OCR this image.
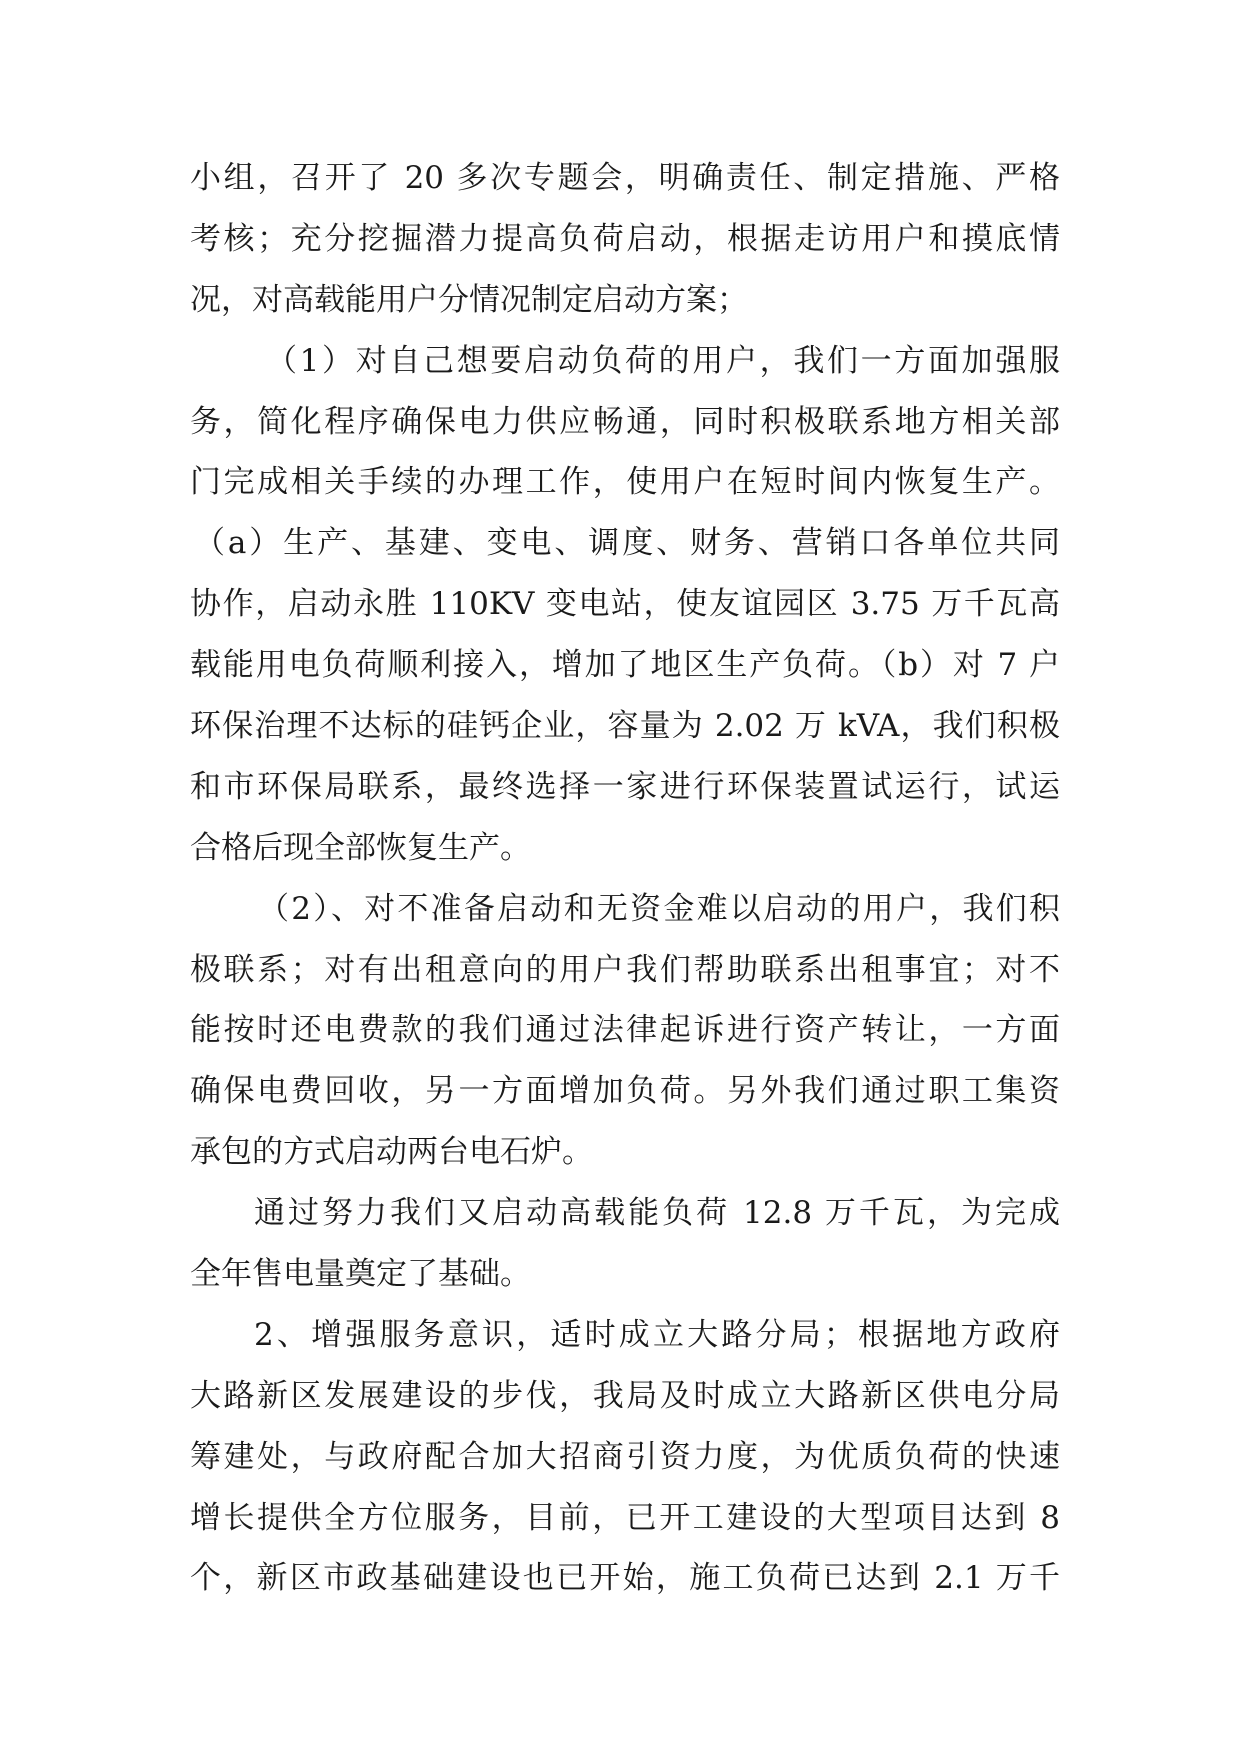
小组，召开了 20 多次专题会，明确责任、制定措施、严格
考核；充分挖掘潜力提高负荷启动，根据走访用户和摸底情
况，对高载能用户分情况制定启动方案；
（1）对自己想要启动负荷的用户，我们一方面加强服
务，简化程序确保电力供应畅通，同时积极联系地方相关部
门完成相关手续的办理工作，使用户在短时间内恢复生产。
（a）生产、基建、变电、调度、财务、营销口各单位共同
协作，启动永胜 110KV 变电站，使友谊园区 3.75 万千瓦高
载能用电负荷顺利接入，增加了地区生产负荷。（b）对 7 户
环保治理不达标的硅钙企业，容量为 2.02 万 kVA，我们积极
和市环保局联系，最终选择一家进行环保装置试运行，试运
合格后现全部恢复生产。
（2）、对不准备启动和无资金难以启动的用户，我们积
极联系；对有出租意向的用户我们帮助联系出租事宜；对不
能按时还电费款的我们通过法律起诉进行资产转让，一方面
确保电费回收，另一方面增加负荷。另外我们通过职工集资
承包的方式启动两台电石炉。
通过努力我们又启动高载能负荷 12.8 万千瓦，为完成
全年售电量奠定了基础。
2、增强服务意识，适时成立大路分局；根据地方政府
大路新区发展建设的步伐，我局及时成立大路新区供电分局
筹建处，与政府配合加大招商引资力度，为优质负荷的快速
增长提供全方位服务，目前，已开工建设的大型项目达到 8
个，新区市政基础建设也已开始，施工负荷已达到 2.1 万千
